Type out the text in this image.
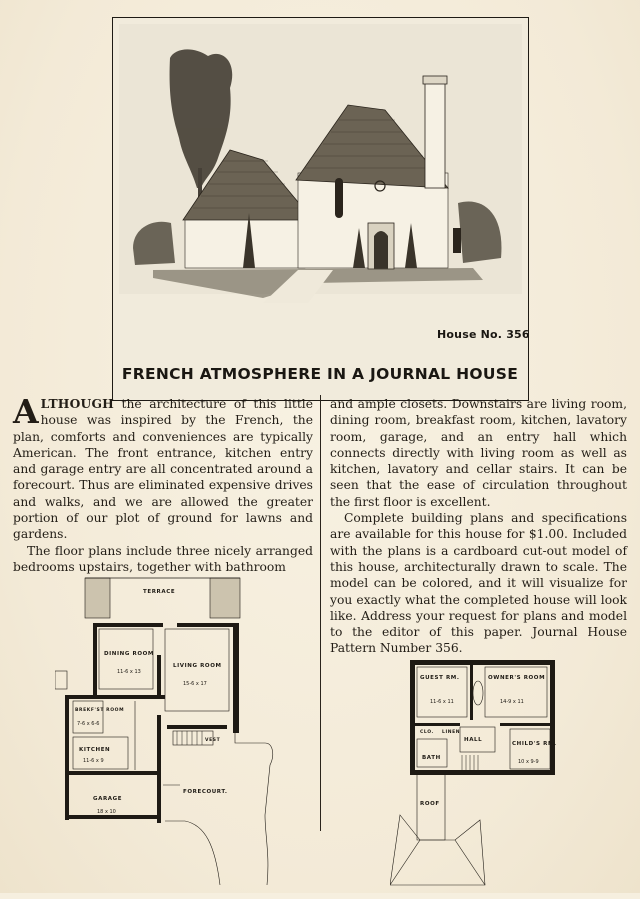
House No. 356
FRENCH ATMOSPHERE IN A JOURNAL HOUSE

ALTHOUGH the architecture of this little house was inspired by the French, the plan, comforts and conveniences are typically American. The front entrance, kitchen entry and garage entry are all concentrated around a forecourt. Thus are eliminated expensive drives and walks, and we are allowed the greater portion of our plot of ground for lawns and gardens.

The floor plans include three nicely arranged bedrooms upstairs, together with bathroom

and ample closets. Downstairs are living room, dining room, breakfast room, kitchen, lavatory room, garage, and an entry hall which connects directly with living room as well as kitchen, lavatory and cellar stairs. It can be seen that the ease of circulation throughout the first floor is excellent.

Complete building plans and specifications are available for this house for $1.00. Included with the plans is a cardboard cut-out model of this house, architecturally drawn to scale. The model can be colored, and it will visualize for you exactly what the completed house will look like. Address your request for plans and model to the editor of this paper. Journal House Pattern Number 356.

TERRACE
DINING ROOM
11-6 x 13
LIVING ROOM
15-6 x 17
BREKF'ST ROOM
7-6 x 6-6
KITCHEN
11-6 x 9
GARAGE
18 x 10
FORECOURT.
VEST
GUEST RM.
11-6 x 11
OWNER'S ROOM
14-9 x 11
HALL
CHILD'S RM.
10 x 9-9
BATH
CLO. LINEN
ROOF
